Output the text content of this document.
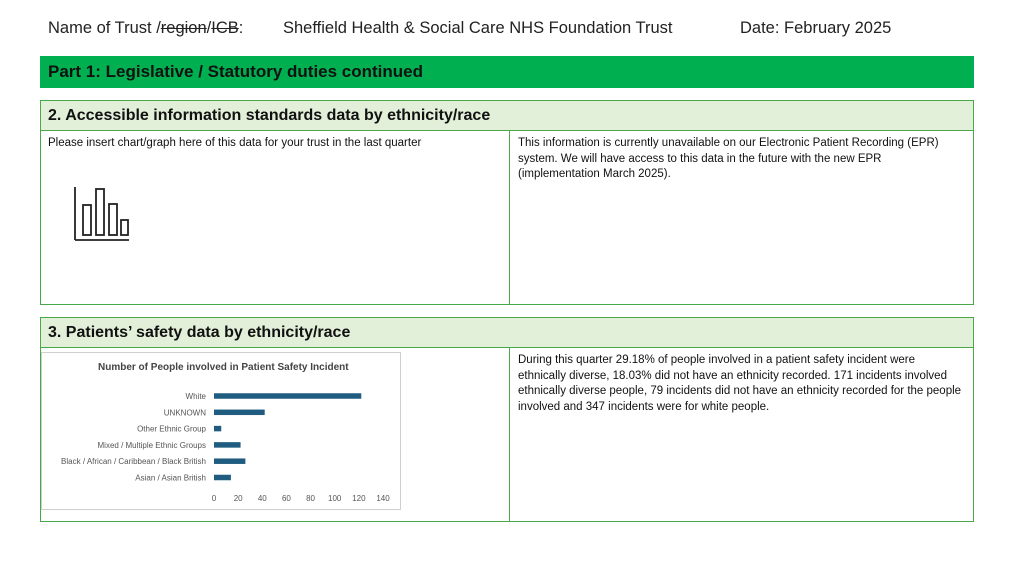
Name of Trust /region/ICB: Sheffield Health & Social Care NHS Foundation Trust	Date: February 2025
Part 1: Legislative / Statutory duties continued
2. Accessible information standards data by ethnicity/race
Please insert chart/graph here of this data for your trust in the last quarter	This information is currently unavailable on our Electronic Patient Recording (EPR) system. We will have access to this data in the future with the new EPR (implementation March 2025).
3. Patients’ safety data by ethnicity/race
Number of People involved in Patient Safety Incident
White
UNKNOWN
Other Ethnic Group
Mixed / Multiple Ethnic Groups
Black / African / Caribbean / Black British
Asian / Asian British
0 20 40 60 80 100 120 140
During this quarter 29.18% of people involved in a patient safety incident were ethnically diverse, 18.03% did not have an ethnicity recorded. 171 incidents involved ethnically diverse people, 79 incidents did not have an ethnicity recorded for the people involved and 347 incidents were for white people.
